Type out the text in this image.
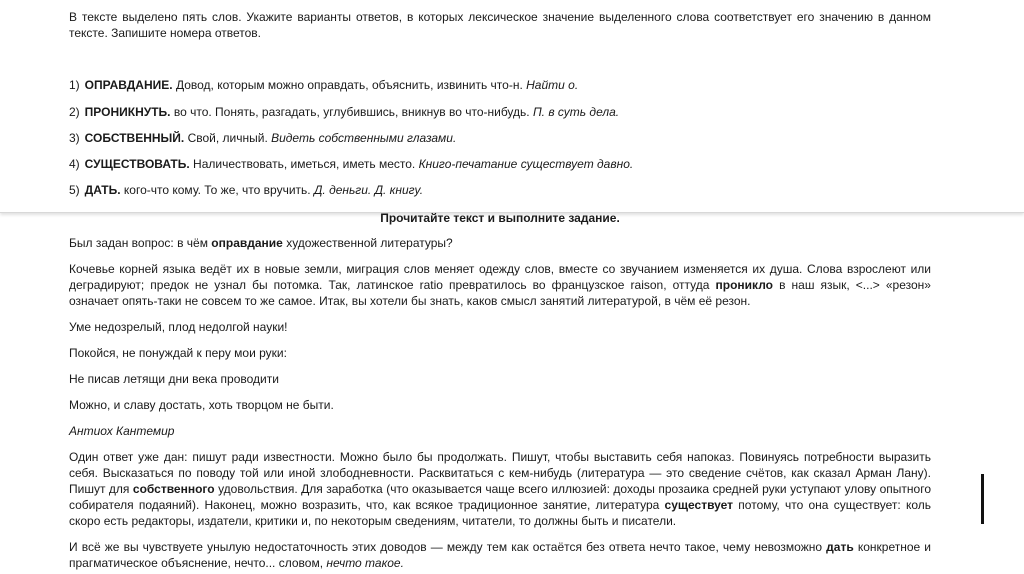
В тексте выделено пять слов. Укажите варианты ответов, в которых лексическое значение выделенного слова соответствует его значению в данном тексте. Запишите номера ответов.

1) ОПРАВДАНИЕ. Довод, которым можно оправдать, объяснить, извинить что-н. Найти о.

2) ПРОНИКНУТЬ. во что. Понять, разгадать, углубившись, вникнув во что-нибудь. П. в суть дела.

3) СОБСТВЕННЫЙ. Свой, личный. Видеть собственными глазами.

4) СУЩЕСТВОВАТЬ. Наличествовать, иметься, иметь место. Книго-печатание существует давно.

5) ДАТЬ. кого-что кому. То же, что вручить. Д. деньги. Д. книгу.

Прочитайте текст и выполните задание.

Был задан вопрос: в чём оправдание художественной литературы?

Кочевье корней языка ведёт их в новые земли, миграция слов меняет одежду слов, вместе со звучанием изменяется их душа. Слова взрослеют или деградируют; предок не узнал бы потомка. Так, латинское ratio превратилось во французское raison, оттуда проникло в наш язык, <...> «резон» означает опять-таки не совсем то же самое. Итак, вы хотели бы знать, каков смысл занятий литературой, в чём её резон.

Уме недозрелый, плод недолгой науки!

Покойся, не понуждай к перу мои руки:

Не писав летящи дни века проводити

Можно, и славу достать, хоть творцом не быти.

Антиох Кантемир

Один ответ уже дан: пишут ради известности. Можно было бы продолжать. Пишут, чтобы выставить себя напоказ. Повинуясь потребности выразить себя. Высказаться по поводу той или иной злободневности. Расквитаться с кем-нибудь (литература — это сведение счётов, как сказал Арман Лану). Пишут для собственного удовольствия. Для заработка (что оказывается чаще всего иллюзией: доходы прозаика средней руки уступают улову опытного собирателя подаяний). Наконец, можно возразить, что, как всякое традиционное занятие, литература существует потому, что она существует: коль скоро есть редакторы, издатели, критики и, по некоторым сведениям, читатели, то должны быть и писатели.

И всё же вы чувствуете унылую недостаточность этих доводов — между тем как остаётся без ответа нечто такое, чему невозможно дать конкретное и прагматическое объяснение, нечто... словом, нечто такое.
